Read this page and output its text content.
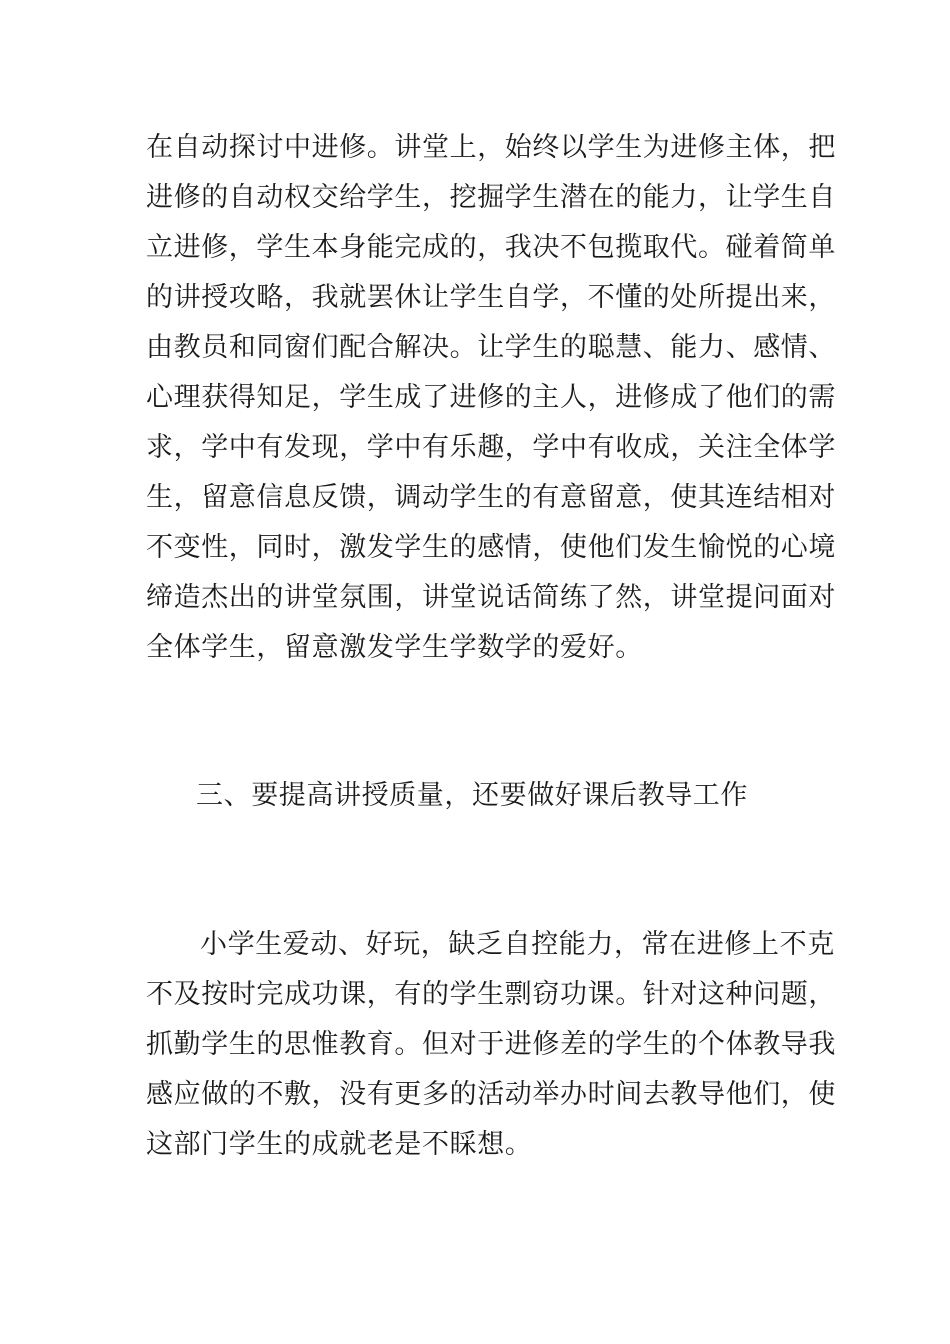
在自动探讨中进修。讲堂上，始终以学生为进修主体，把

进修的自动权交给学生，挖掘学生潜在的能力，让学生自

立进修，学生本身能完成的，我决不包揽取代。碰着简单

的讲授攻略，我就罢休让学生自学，不懂的处所提出来，

由教员和同窗们配合解决。让学生的聪慧、能力、感情、

心理获得知足，学生成了进修的主人，进修成了他们的需

求，学中有发现，学中有乐趣，学中有收成，关注全体学

生，留意信息反馈，调动学生的有意留意，使其连结相对

不变性，同时，激发学生的感情，使他们发生愉悦的心境

缔造杰出的讲堂氛围，讲堂说话简练了然，讲堂提问面对

全体学生，留意激发学生学数学的爱好。

三、要提高讲授质量，还要做好课后教导工作

小学生爱动、好玩，缺乏自控能力，常在进修上不克

不及按时完成功课，有的学生剽窃功课。针对这种问题，

抓勤学生的思惟教育。但对于进修差的学生的个体教导我

感应做的不敷，没有更多的活动举办时间去教导他们，使

这部门学生的成就老是不睬想。
